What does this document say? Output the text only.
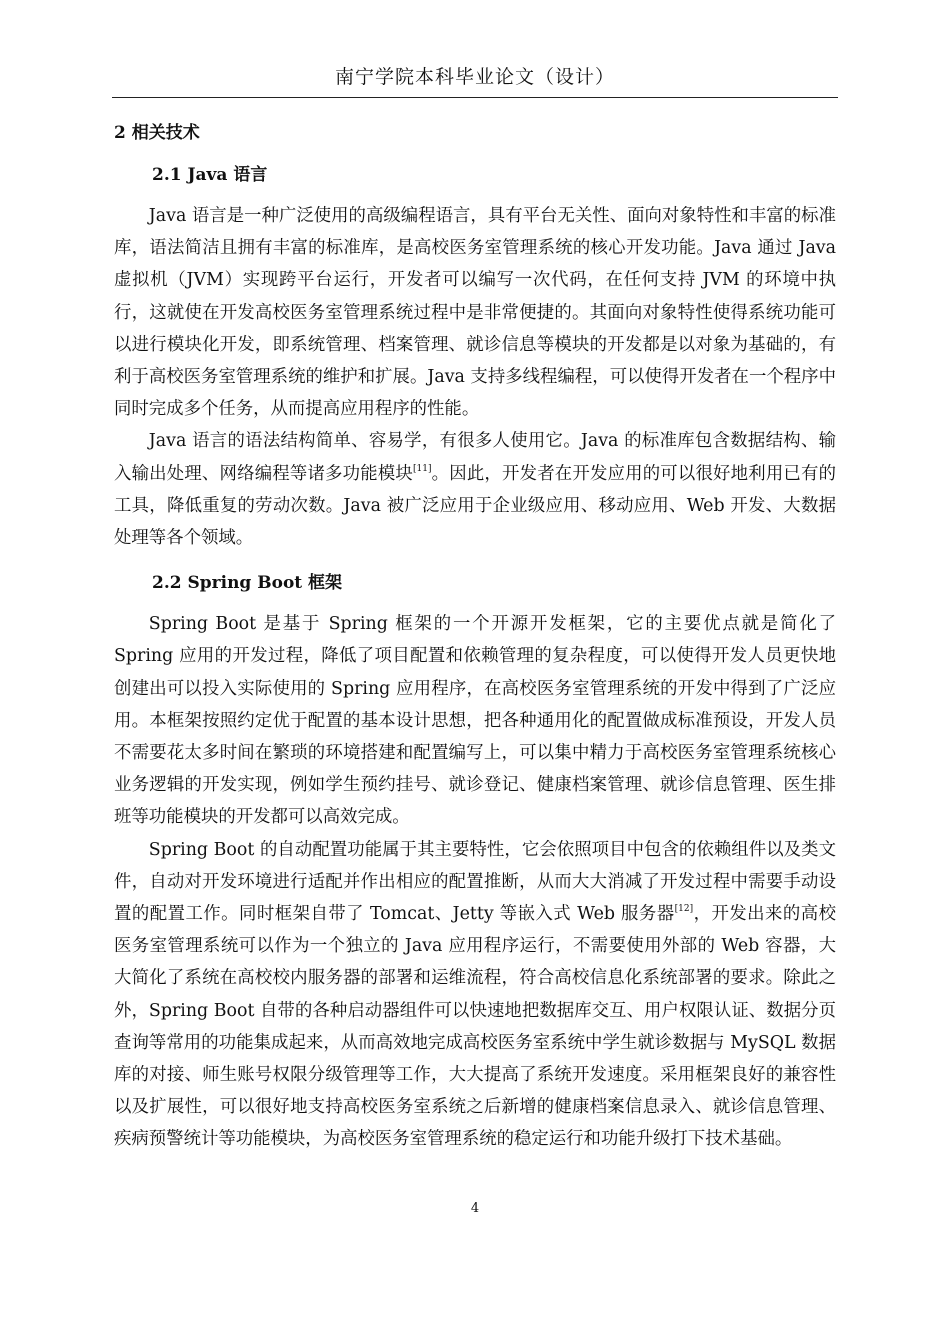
南宁学院本科毕业论文（设计）
2 相关技术
2.1 Java 语言

Java 语言是一种广泛使用的高级编程语言，具有平台无关性、面向对象特性和丰富的标准库，语法简洁且拥有丰富的标准库，是高校医务室管理系统的核心开发功能。Java 通过 Java 虚拟机（JVM）实现跨平台运行，开发者可以编写一次代码，在任何支持 JVM 的环境中执行，这就使在开发高校医务室管理系统过程中是非常便捷的。其面向对象特性使得系统功能可以进行模块化开发，即系统管理、档案管理、就诊信息等模块的开发都是以对象为基础的，有利于高校医务室管理系统的维护和扩展。Java 支持多线程编程，可以使得开发者在一个程序中同时完成多个任务，从而提高应用程序的性能。

Java 语言的语法结构简单、容易学，有很多人使用它。Java 的标准库包含数据结构、输入输出处理、网络编程等诸多功能模块[11]。因此，开发者在开发应用的可以很好地利用已有的工具，降低重复的劳动次数。Java 被广泛应用于企业级应用、移动应用、Web 开发、大数据处理等各个领域。

2.2 Spring Boot 框架

Spring Boot 是基于 Spring 框架的一个开源开发框架，它的主要优点就是简化了 Spring 应用的开发过程，降低了项目配置和依赖管理的复杂程度，可以使得开发人员更快地创建出可以投入实际使用的 Spring 应用程序，在高校医务室管理系统的开发中得到了广泛应用。本框架按照约定优于配置的基本设计思想，把各种通用化的配置做成标准预设，开发人员不需要花太多时间在繁琐的环境搭建和配置编写上，可以集中精力于高校医务室管理系统核心业务逻辑的开发实现，例如学生预约挂号、就诊登记、健康档案管理、就诊信息管理、医生排班等功能模块的开发都可以高效完成。

Spring Boot 的自动配置功能属于其主要特性，它会依照项目中包含的依赖组件以及类文件，自动对开发环境进行适配并作出相应的配置推断，从而大大消减了开发过程中需要手动设置的配置工作。同时框架自带了 Tomcat、Jetty 等嵌入式 Web 服务器[12]，开发出来的高校医务室管理系统可以作为一个独立的 Java 应用程序运行，不需要使用外部的 Web 容器，大大简化了系统在高校校内服务器的部署和运维流程，符合高校信息化系统部署的要求。除此之外，Spring Boot 自带的各种启动器组件可以快速地把数据库交互、用户权限认证、数据分页查询等常用的功能集成起来，从而高效地完成高校医务室系统中学生就诊数据与 MySQL 数据库的对接、师生账号权限分级管理等工作，大大提高了系统开发速度。采用框架良好的兼容性以及扩展性，可以很好地支持高校医务室系统之后新增的健康档案信息录入、就诊信息管理、疾病预警统计等功能模块，为高校医务室管理系统的稳定运行和功能升级打下技术基础。

4
